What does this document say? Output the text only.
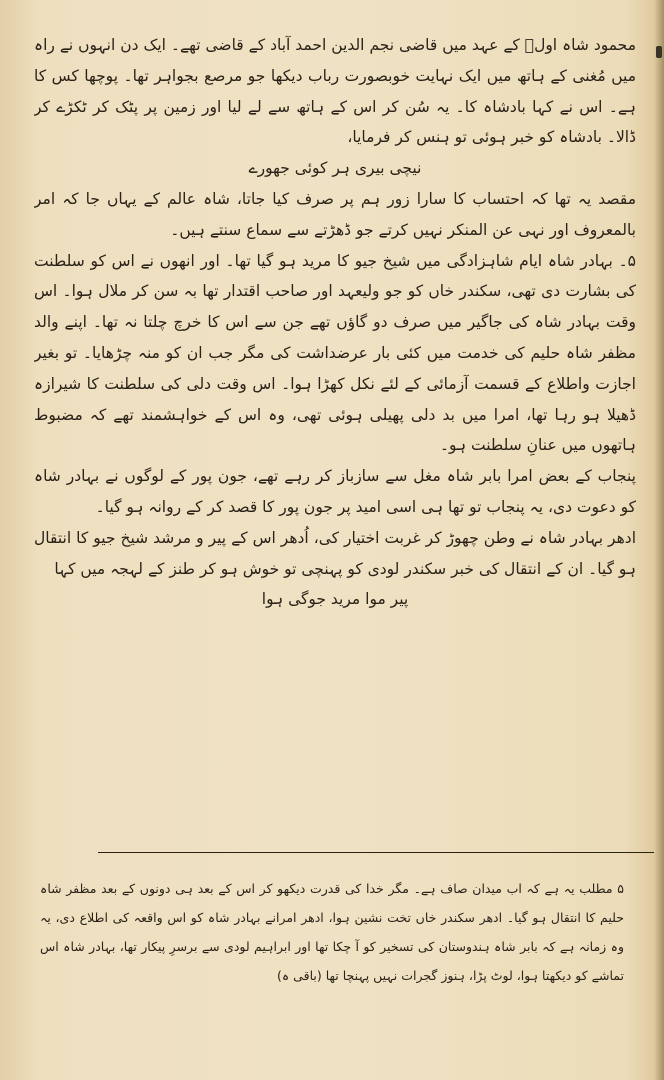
محمود شاہ اولؒ کے عہد میں قاضی نجم الدین احمد آباد کے قاضی تھے۔ ایک دن انہوں نے راہ میں مُغنی کے ہاتھ میں ایک نہایت خوبصورت رباب دیکھا جو مرصع بجواہر تھا۔ پوچھا کس کا ہے۔ اس نے کہا بادشاہ کا۔ یہ سُن کر اس کے ہاتھ سے لے لیا اور زمین پر پٹک کر ٹکڑے کر ڈالا۔ بادشاہ کو خبر ہوئی تو ہنس کر فرمایا،

نیچی بیری ہر کوئی جھورے

مقصد یہ تھا کہ احتساب کا سارا زور ہم پر صرف کیا جاتا، شاہ عالم کے یہاں جا کہ امر بالمعروف اور نہی عن المنکر نہیں کرتے جو ڈھڑتے سے سماع سنتے ہیں۔

۵۔ بہادر شاہ ایام شاہزادگی میں شیخ جیو کا مرید ہو گیا تھا۔ اور انھوں نے اس کو سلطنت کی بشارت دی تھی، سکندر خاں کو جو ولیعہد اور صاحب اقتدار تھا بہ سن کر ملال ہوا۔ اس وقت بہادر شاہ کی جاگیر میں صرف دو گاؤں تھے جن سے اس کا خرچ چلتا نہ تھا۔ اپنے والد مظفر شاہ حلیم کی خدمت میں کئی بار عرضداشت کی مگر جب ان کو منہ چڑھایا۔ تو بغیر اجازت واطلاع کے قسمت آزمائی کے لئے نکل کھڑا ہوا۔ اس وقت دلی کی سلطنت کا شیرازہ ڈھیلا ہو رہا تھا، امرا میں بد دلی پھیلی ہوئی تھی، وہ اس کے خواہشمند تھے کہ مضبوط ہاتھوں میں عنانِ سلطنت ہو۔

پنجاب کے بعض امرا بابر شاہ مغل سے سازباز کر رہے تھے، جون پور کے لوگوں نے بہادر شاہ کو دعوت دی، یہ پنجاب تو تھا ہی اسی امید پر جون پور کا قصد کر کے روانہ ہو گیا۔

ادھر بہادر شاہ نے وطن چھوڑ کر غربت اختیار کی، اُدھر اس کے پیر و مرشد شیخ جیو کا انتقال ہو گیا۔ ان کے انتقال کی خبر سکندر لودی کو پہنچی تو خوش ہو کر طنز کے لہجہ میں کہا

پیر موا مرید جوگی ہوا

۵ مطلب یہ ہے کہ اب میدان صاف ہے۔ مگر خدا کی قدرت دیکھو کر اس کے بعد ہی دونوں کے بعد مظفر شاہ حلیم کا انتقال ہو گیا۔ ادھر سکندر خاں تخت نشین ہوا، ادھر امرانے بہادر شاہ کو اس واقعہ کی اطلاع دی، یہ وہ زمانہ ہے کہ بابر شاہ ہندوستان کی تسخیر کو آ چکا تھا اور ابراہیم لودی سے برسرِ پیکار تھا، بہادر شاہ اس تماشے کو دیکھتا ہوا، لوٹ پڑا، ہنوز گجرات نہیں پہنچا تھا (باقی ہ)
